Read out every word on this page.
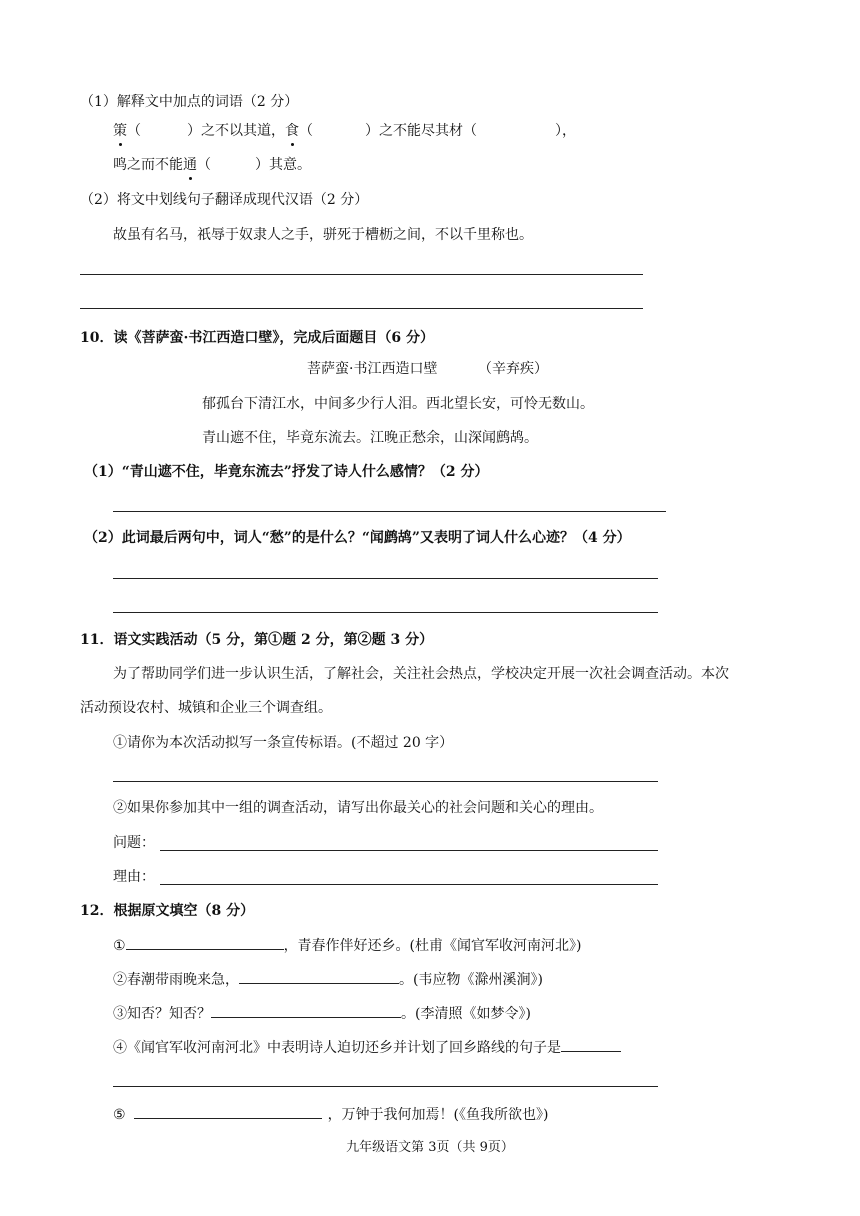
（1）解释文中加点的词语（2 分）
策（	）之不以其道，食（	）之不能尽其材（	），
鸣之而不能通（	）其意。
（2）将文中划线句子翻译成现代汉语（2 分）
故虽有名马，祇辱于奴隶人之手，骈死于槽枥之间，不以千里称也。
10．读《菩萨蛮·书江西造口壁》，完成后面题目（6 分）
菩萨蛮·书江西造口壁	（辛弃疾）
郁孤台下清江水，中间多少行人泪。西北望长安，可怜无数山。
青山遮不住，毕竟东流去。江晚正愁余，山深闻鹧鸪。
（1）“青山遮不住，毕竟东流去”抒发了诗人什么感情？（2 分）
（2）此词最后两句中，词人“愁”的是什么？“闻鹧鸪”又表明了词人什么心迹？（4 分）
11．语文实践活动（5 分，第①题 2 分，第②题 3 分）
为了帮助同学们进一步认识生活，了解社会，关注社会热点，学校决定开展一次社会调查活动。本次
活动预设农村、城镇和企业三个调查组。
①请你为本次活动拟写一条宣传标语。(不超过 20 字）
②如果你参加其中一组的调查活动，请写出你最关心的社会问题和关心的理由。
问题：
理由：
12．根据原文填空（8 分）
①	，青春作伴好还乡。(杜甫《闻官军收河南河北》)
②春潮带雨晚来急，	。(韦应物《滁州溪涧》)
③知否？知否？	。(李清照《如梦令》)
④《闻官军收河南河北》中表明诗人迫切还乡并计划了回乡路线的句子是
⑤	，万钟于我何加焉！(《鱼我所欲也》)
九年级语文第 3页（共 9页）
